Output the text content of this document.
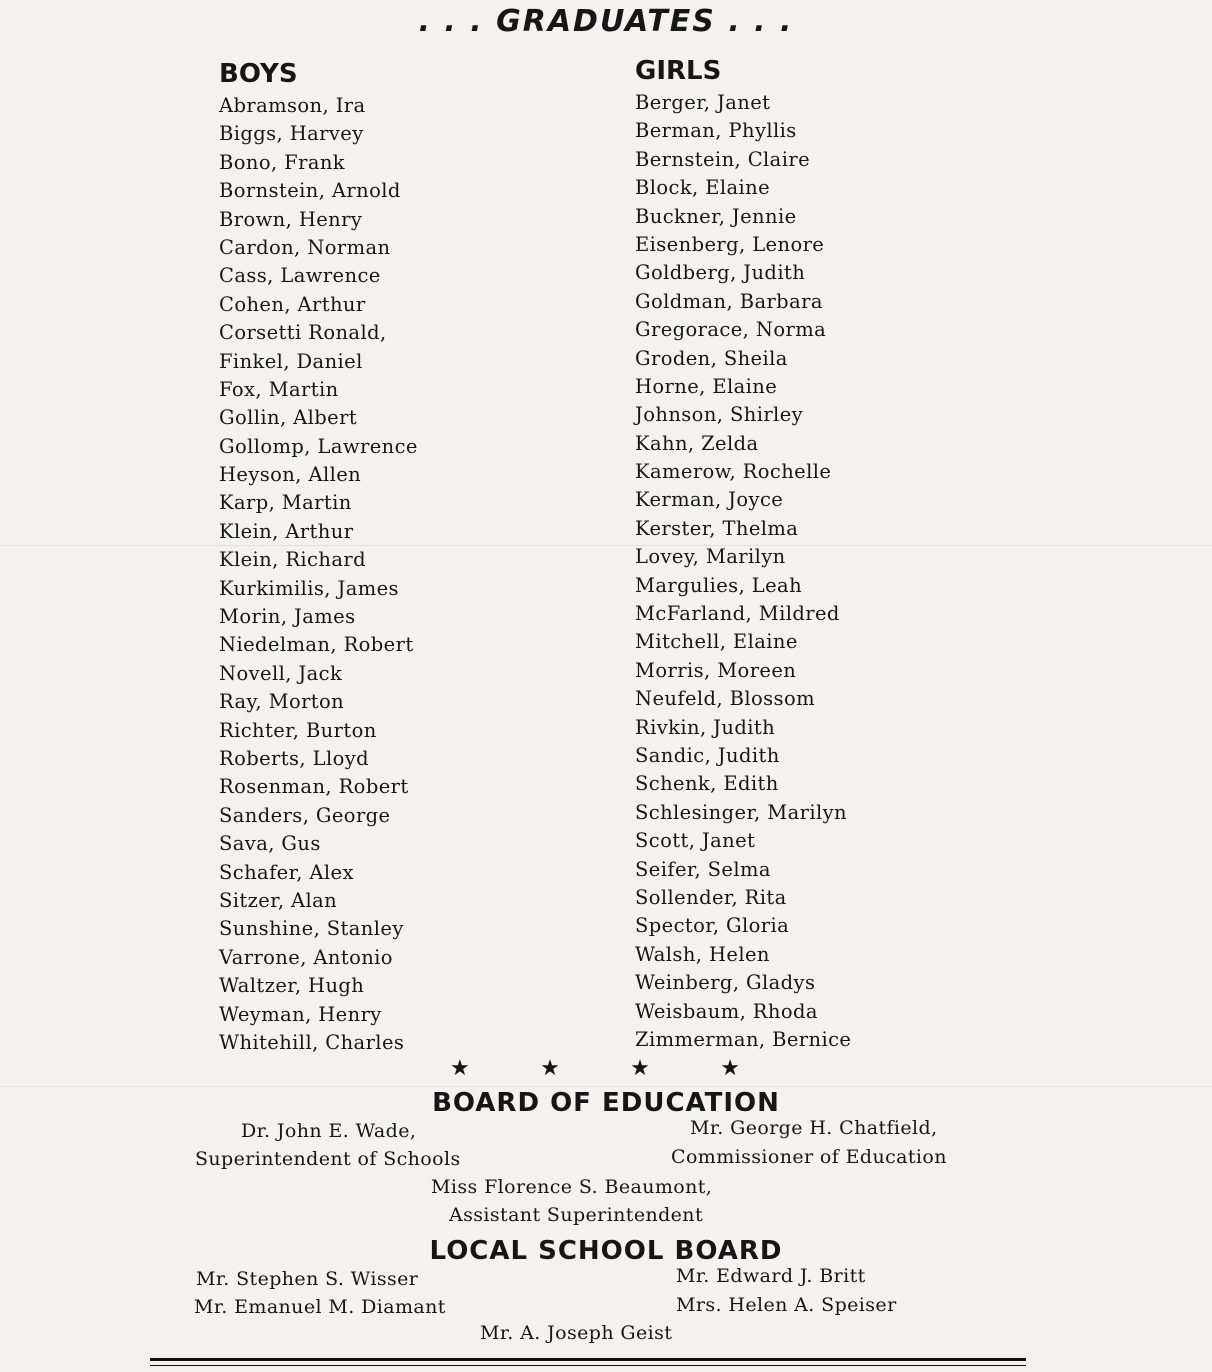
. . . GRADUATES . . .
BOYS
Abramson, Ira
Biggs, Harvey
Bono, Frank
Bornstein, Arnold
Brown, Henry
Cardon, Norman
Cass, Lawrence
Cohen, Arthur
Corsetti Ronald,
Finkel, Daniel
Fox, Martin
Gollin, Albert
Gollomp, Lawrence
Heyson, Allen
Karp, Martin
Klein, Arthur
Klein, Richard
Kurkimilis, James
Morin, James
Niedelman, Robert
Novell, Jack
Ray, Morton
Richter, Burton
Roberts, Lloyd
Rosenman, Robert
Sanders, George
Sava, Gus
Schafer, Alex
Sitzer, Alan
Sunshine, Stanley
Varrone, Antonio
Waltzer, Hugh
Weyman, Henry
Whitehill, Charles
GIRLS
Berger, Janet
Berman, Phyllis
Bernstein, Claire
Block, Elaine
Buckner, Jennie
Eisenberg, Lenore
Goldberg, Judith
Goldman, Barbara
Gregorace, Norma
Groden, Sheila
Horne, Elaine
Johnson, Shirley
Kahn, Zelda
Kamerow, Rochelle
Kerman, Joyce
Kerster, Thelma
Lovey, Marilyn
Margulies, Leah
McFarland, Mildred
Mitchell, Elaine
Morris, Moreen
Neufeld, Blossom
Rivkin, Judith
Sandic, Judith
Schenk, Edith
Schlesinger, Marilyn
Scott, Janet
Seifer, Selma
Sollender, Rita
Spector, Gloria
Walsh, Helen
Weinberg, Gladys
Weisbaum, Rhoda
Zimmerman, Bernice
★	★	★	★
BOARD OF EDUCATION
Dr. John E. Wade,
Superintendent of Schools
Mr. George H. Chatfield,
Commissioner of Education
Miss Florence S. Beaumont,
Assistant Superintendent
LOCAL SCHOOL BOARD
Mr. Stephen S. Wisser
Mr. Emanuel M. Diamant
Mr. Edward J. Britt
Mrs. Helen A. Speiser
Mr. A. Joseph Geist
